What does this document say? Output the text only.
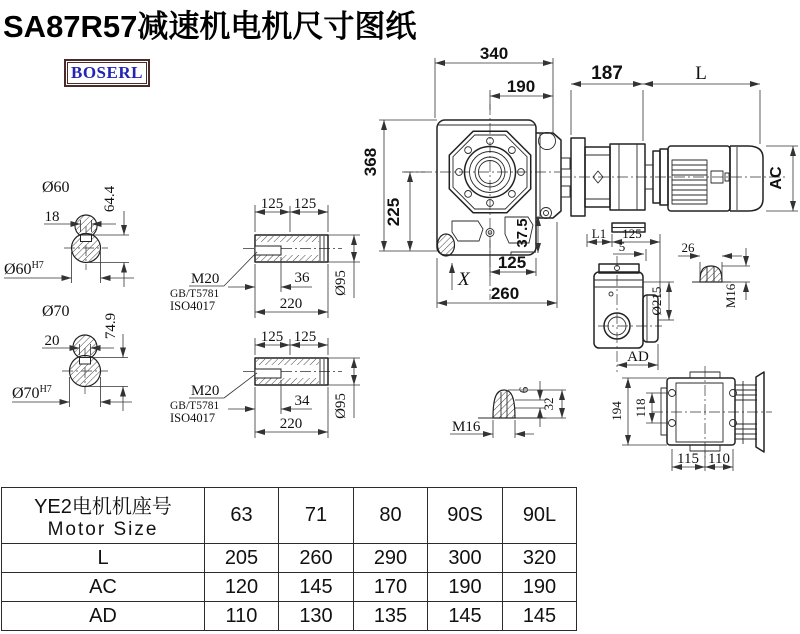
SA87R57减速机电机尺寸图纸
BOSERL
340
190
368
225
37.5
125
260
X
187	L
AC
Ø60
18
64.4
$Ø60^{H7}$
Ø70
20
74.9
$Ø70^{H7}$
125 125
36
220
Ø95
M20
GB/T5781
ISO4017
125 125
34
220
Ø95
M20
GB/T5781
ISO4017
L1 125
5
Ø215
AD
26
M16
6
32
M16
194 118
115 110
YE2电机机座号
Motor Size	63	71	80	90S	90L
L	205	260	290	300	320
AC	120	145	170	190	190
AD	110	130	135	145	145
